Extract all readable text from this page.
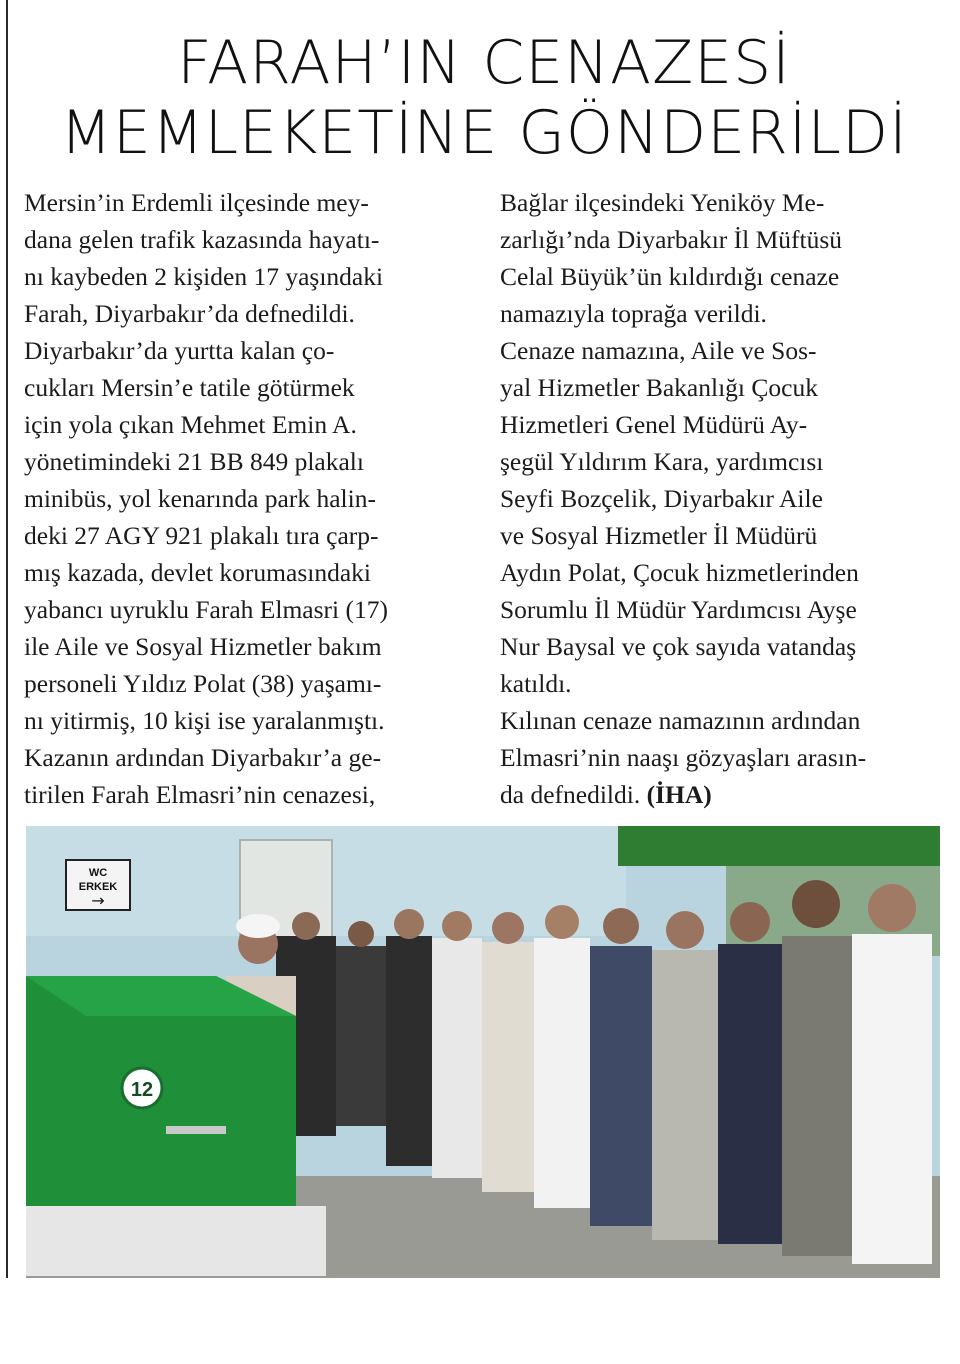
FARAH’IN CENAZESİ
MEMLEKETİNE GÖNDERİLDİ

Mersin’in Erdemli ilçesinde mey-

dana gelen trafik kazasında hayatı-

nı kaybeden 2 kişiden 17 yaşındaki

Farah, Diyarbakır’da defnedildi.

Diyarbakır’da yurtta kalan ço-

cukları Mersin’e tatile götürmek

için yola çıkan Mehmet Emin A.

yönetimindeki 21 BB 849 plakalı

minibüs, yol kenarında park halin-

deki 27 AGY 921 plakalı tıra çarp-

mış kazada, devlet korumasındaki

yabancı uyruklu Farah Elmasri (17)

ile Aile ve Sosyal Hizmetler bakım

personeli Yıldız Polat (38) yaşamı-

nı yitirmiş, 10 kişi ise yaralanmıştı.

Kazanın ardından Diyarbakır’a ge-

tirilen Farah Elmasri’nin cenazesi,

Bağlar ilçesindeki Yeniköy Me-

zarlığı’nda Diyarbakır İl Müftüsü

Celal Büyük’ün kıldırdığı cenaze

namazıyla toprağa verildi.

Cenaze namazına, Aile ve Sos-

yal Hizmetler Bakanlığı Çocuk

Hizmetleri Genel Müdürü Ay-

şegül Yıldırım Kara, yardımcısı

Seyfi Bozçelik, Diyarbakır Aile

ve Sosyal Hizmetler İl Müdürü

Aydın Polat, Çocuk hizmetlerinden

Sorumlu İl Müdür Yardımcısı Ayşe

Nur Baysal ve çok sayıda vatandaş

katıldı.

Kılınan cenaze namazının ardından

Elmasri’nin naaşı gözyaşları arasın-

da defnedildi. (İHA)

WC
ERKEK
→
12
